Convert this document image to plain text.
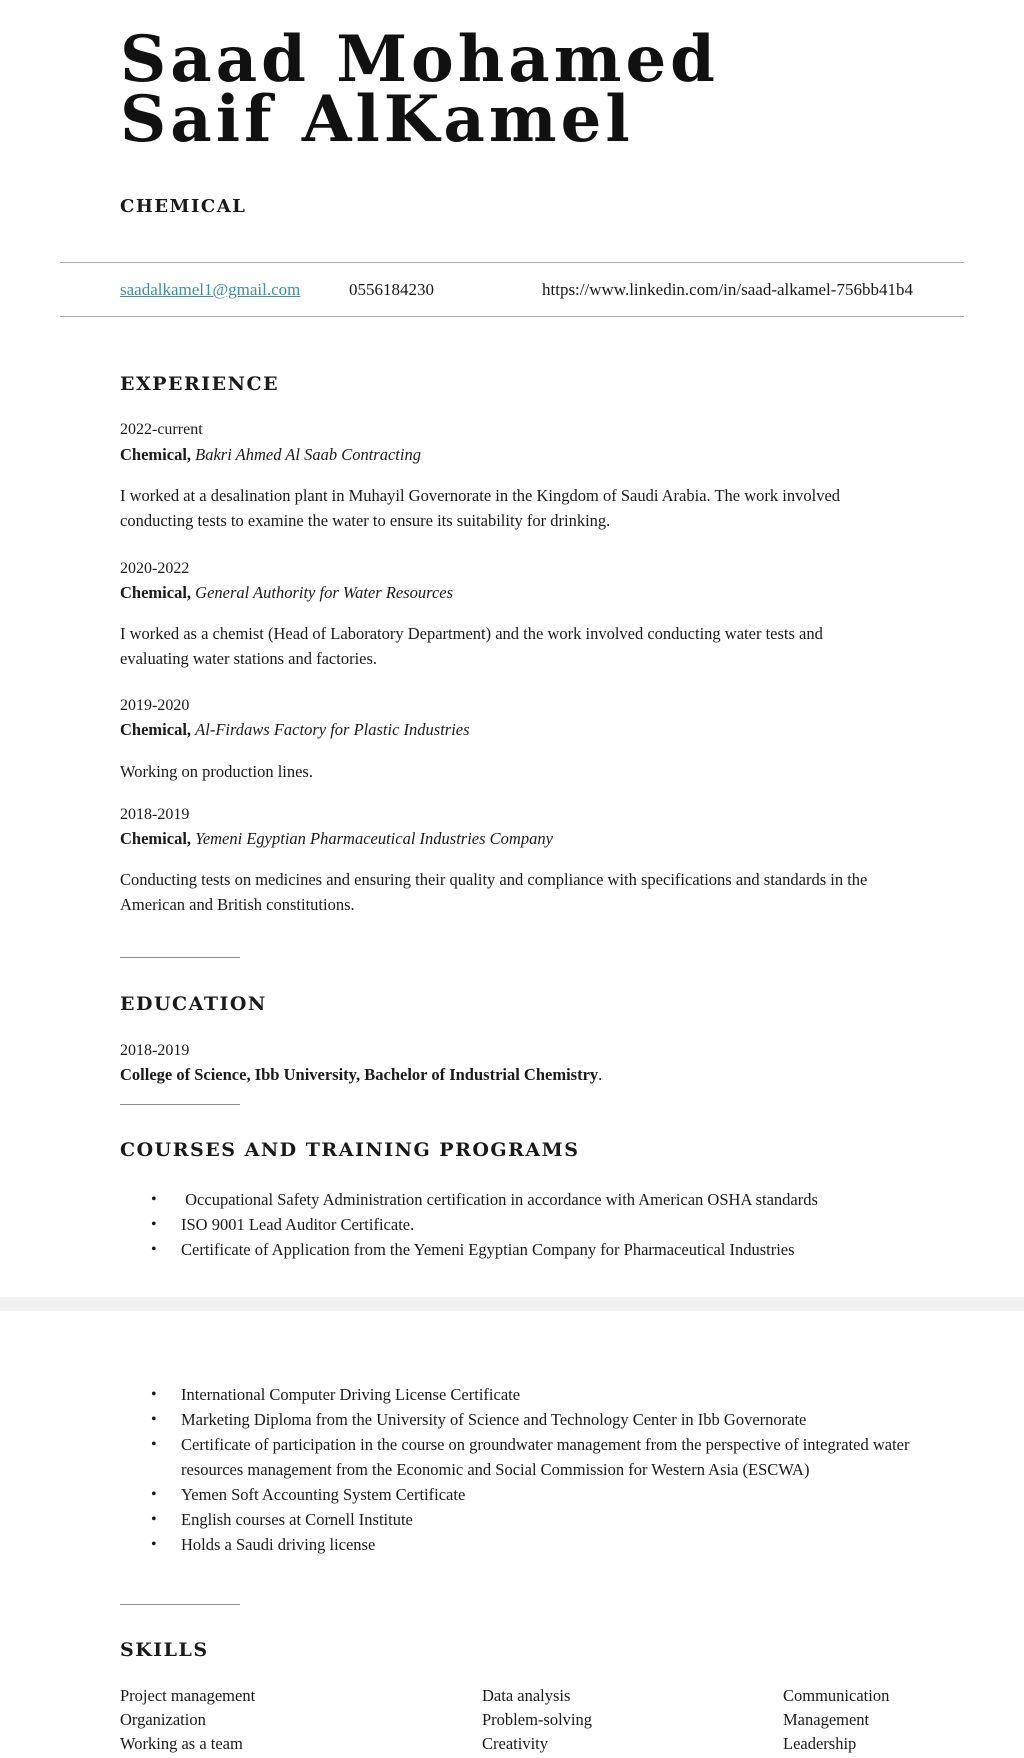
Saad Mohamed
Saif AlKamel
CHEMICAL
saadalkamel1@gmail.com	0556184230	https://www.linkedin.com/in/saad-alkamel-756bb41b4
EXPERIENCE
2022-current
Chemical, Bakri Ahmed Al Saab Contracting
I worked at a desalination plant in Muhayil Governorate in the Kingdom of Saudi Arabia. The work involved conducting tests to examine the water to ensure its suitability for drinking.
2020-2022
Chemical, General Authority for Water Resources
I worked as a chemist (Head of Laboratory Department) and the work involved conducting water tests and evaluating water stations and factories.
2019-2020
Chemical, Al-Firdaws Factory for Plastic Industries
Working on production lines.
2018-2019
Chemical, Yemeni Egyptian Pharmaceutical Industries Company
Conducting tests on medicines and ensuring their quality and compliance with specifications and standards in the American and British constitutions.
EDUCATION
2018-2019
College of Science, Ibb University, Bachelor of Industrial Chemistry.
COURSES AND TRAINING PROGRAMS
•  Occupational Safety Administration certification in accordance with American OSHA standards
• ISO 9001 Lead Auditor Certificate.
• Certificate of Application from the Yemeni Egyptian Company for Pharmaceutical Industries
• International Computer Driving License Certificate
• Marketing Diploma from the University of Science and Technology Center in Ibb Governorate
• Certificate of participation in the course on groundwater management from the perspective of integrated water resources management from the Economic and Social Commission for Western Asia (ESCWA)
• Yemen Soft Accounting System Certificate
• English courses at Cornell Institute
• Holds a Saudi driving license
SKILLS
Project management
Organization
Working as a team
Data analysis
Problem-solving
Creativity
Communication
Management
Leadership
